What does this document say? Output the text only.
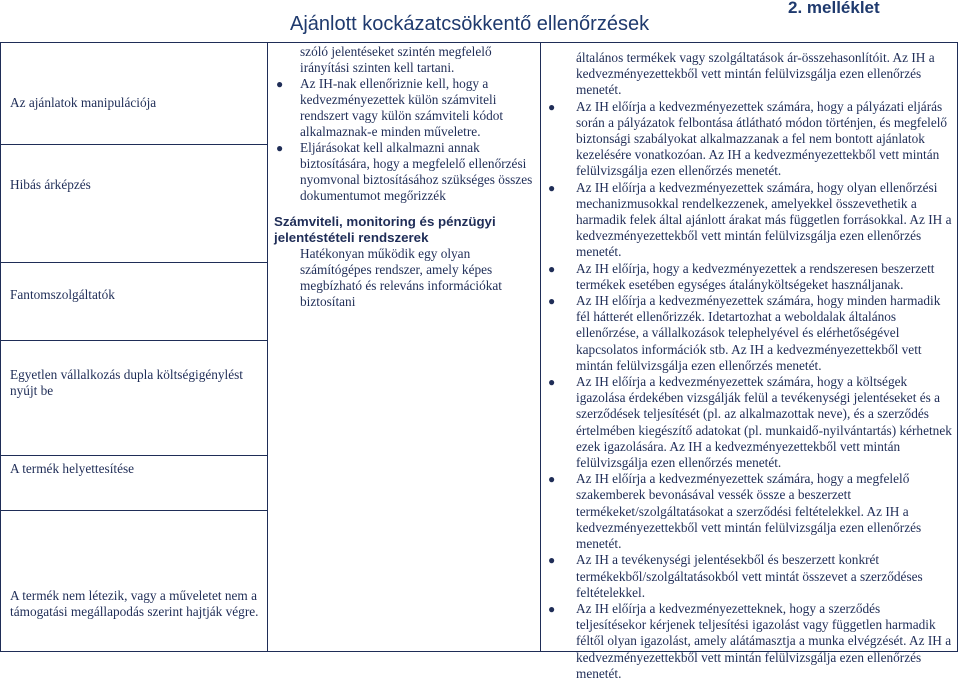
Ajánlott kockázatcsökkentő ellenőrzések
2. melléklet
Az ajánlatok manipulációja
Hibás árképzés
Fantomszolgáltatók
Egyetlen vállalkozás dupla költségigénylést nyújt be
A termék helyettesítése
A termék nem létezik, vagy a műveletet nem a támogatási megállapodás szerint hajtják végre.

szóló jelentéseket szintén megfelelő irányítási szinten kell tartani.

● Az IH-nak ellenőriznie kell, hogy a kedvezményezettek külön számviteli rendszert vagy külön számviteli kódot alkalmaznak-e minden műveletre.
● Eljárásokat kell alkalmazni annak biztosítására, hogy a megfelelő ellenőrzési nyomvonal biztosításához szükséges összes dokumentumot megőrizzék

Számviteli, monitoring és pénzügyi jelentéstételi rendszerek

Hatékonyan működik egy olyan számítógépes rendszer, amely képes megbízható és releváns információkat biztosítani

általános termékek vagy szolgáltatások ár-összehasonlítóit. Az IH a kedvezményezettekből vett mintán felülvizsgálja ezen ellenőrzés menetét.

● Az IH előírja a kedvezményezettek számára, hogy a pályázati eljárás során a pályázatok felbontása átlátható módon történjen, és megfelelő biztonsági szabályokat alkalmazzanak a fel nem bontott ajánlatok kezelésére vonatkozóan. Az IH a kedvezményezettekből vett mintán felülvizsgálja ezen ellenőrzés menetét.
● Az IH előírja a kedvezményezettek számára, hogy olyan ellenőrzési mechanizmusokkal rendelkezzenek, amelyekkel összevethetik a harmadik felek által ajánlott árakat más független forrásokkal. Az IH a kedvezményezettekből vett mintán felülvizsgálja ezen ellenőrzés menetét.
● Az IH előírja, hogy a kedvezményezettek a rendszeresen beszerzett termékek esetében egységes átalányköltségeket használjanak.
● Az IH előírja a kedvezményezettek számára, hogy minden harmadik fél hátterét ellenőrizzék. Idetartozhat a weboldalak általános ellenőrzése, a vállalkozások telephelyével és elérhetőségével kapcsolatos információk stb. Az IH a kedvezményezettekből vett mintán felülvizsgálja ezen ellenőrzés menetét.
● Az IH előírja a kedvezményezettek számára, hogy a költségek igazolása érdekében vizsgálják felül a tevékenységi jelentéseket és a szerződések teljesítését (pl. az alkalmazottak neve), és a szerződés értelmében kiegészítő adatokat (pl. munkaidő-nyilvántartás) kérhetnek ezek igazolására. Az IH a kedvezményezettekből vett mintán felülvizsgálja ezen ellenőrzés menetét.
● Az IH előírja a kedvezményezettek számára, hogy a megfelelő szakemberek bevonásával vessék össze a beszerzett termékeket/szolgáltatásokat a szerződési feltételekkel. Az IH a kedvezményezettekből vett mintán felülvizsgálja ezen ellenőrzés menetét.
● Az IH a tevékenységi jelentésekből és beszerzett konkrét termékekből/szolgáltatásokból vett mintát összevet a szerződéses feltételekkel.
● Az IH előírja a kedvezményezetteknek, hogy a szerződés teljesítésekor kérjenek teljesítési igazolást vagy független harmadik féltől olyan igazolást, amely alátámasztja a munka elvégzését. Az IH a kedvezményezettekből vett mintán felülvizsgálja ezen ellenőrzés menetét.
